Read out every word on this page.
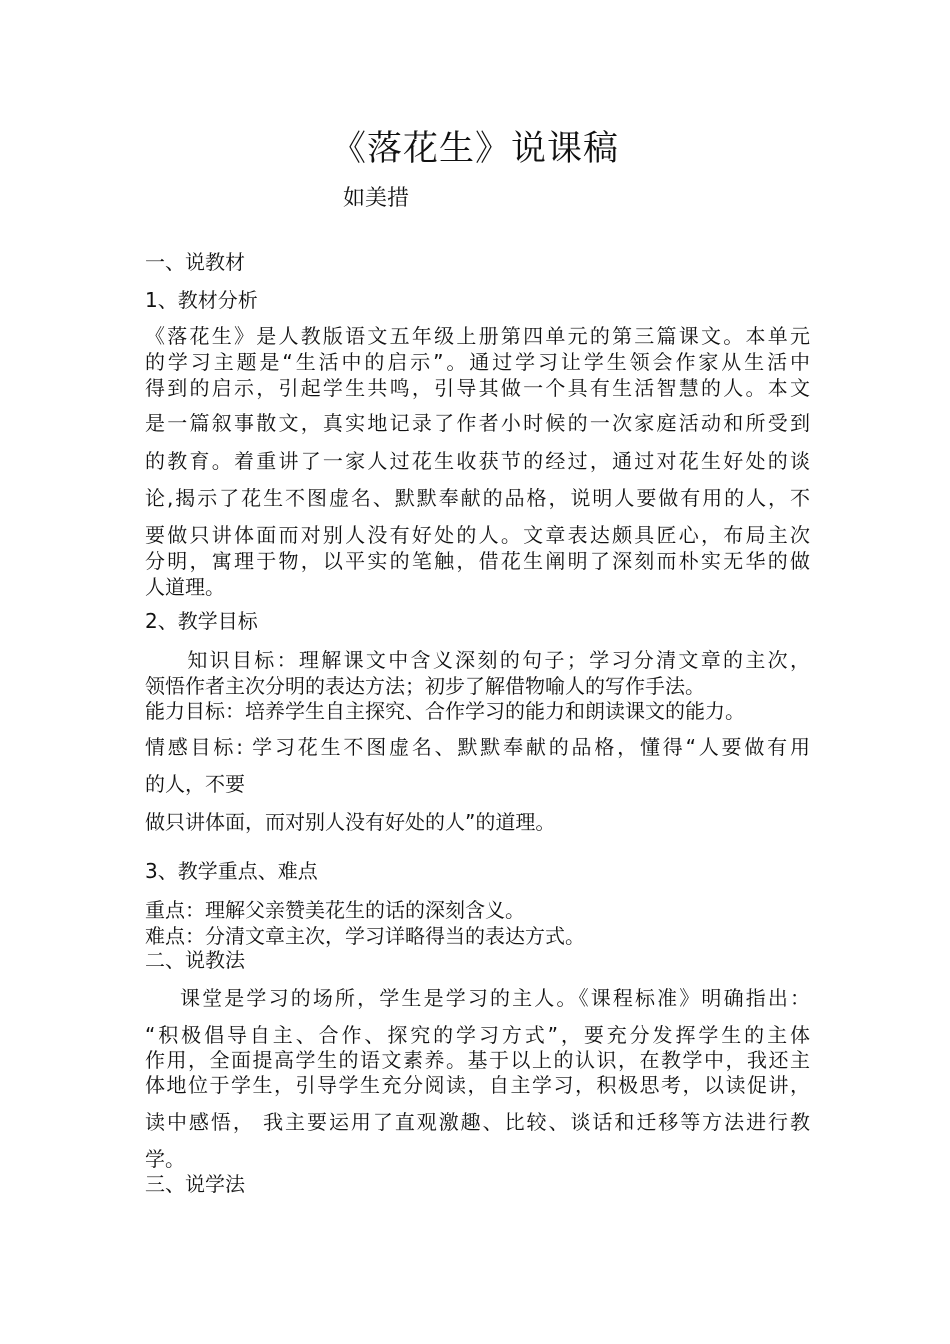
《落花生》说课稿
如美措
一、说教材
1、教材分析
《落花生》是人教版语文五年级上册第四单元的第三篇课文。本单元
的学习主题是“生活中的启示”。通过学习让学生领会作家从生活中
得到的启示，引起学生共鸣，引导其做一个具有生活智慧的人。本文
是一篇叙事散文，真实地记录了作者小时候的一次家庭活动和所受到
的教育。着重讲了一家人过花生收获节的经过，通过对花生好处的谈
论,揭示了花生不图虚名、默默奉献的品格，说明人要做有用的人，不
要做只讲体面而对别人没有好处的人。文章表达颇具匠心，布局主次
分明，寓理于物，以平实的笔触，借花生阐明了深刻而朴实无华的做
人道理。
2、教学目标
　知识目标：理解课文中含义深刻的句子；学习分清文章的主次，
领悟作者主次分明的表达方法；初步了解借物喻人的写作手法。
能力目标：培养学生自主探究、合作学习的能力和朗读课文的能力。
情感目标: 学习花生不图虚名、默默奉献的品格，懂得“人要做有用
的人，不要
做只讲体面，而对别人没有好处的人”的道理。
3、教学重点、难点
重点：理解父亲赞美花生的话的深刻含义。
难点：分清文章主次，学习详略得当的表达方式。
二、说教法
课堂是学习的场所，学生是学习的主人。《课程标准》明确指出：
“积极倡导自主、合作、探究的学习方式”，要充分发挥学生的主体
作用，全面提高学生的语文素养。基于以上的认识，在教学中，我还主
体地位于学生，引导学生充分阅读，自主学习，积极思考，以读促讲，
读中感悟， 我主要运用了直观激趣、比较、谈话和迁移等方法进行教
学。
三、说学法
